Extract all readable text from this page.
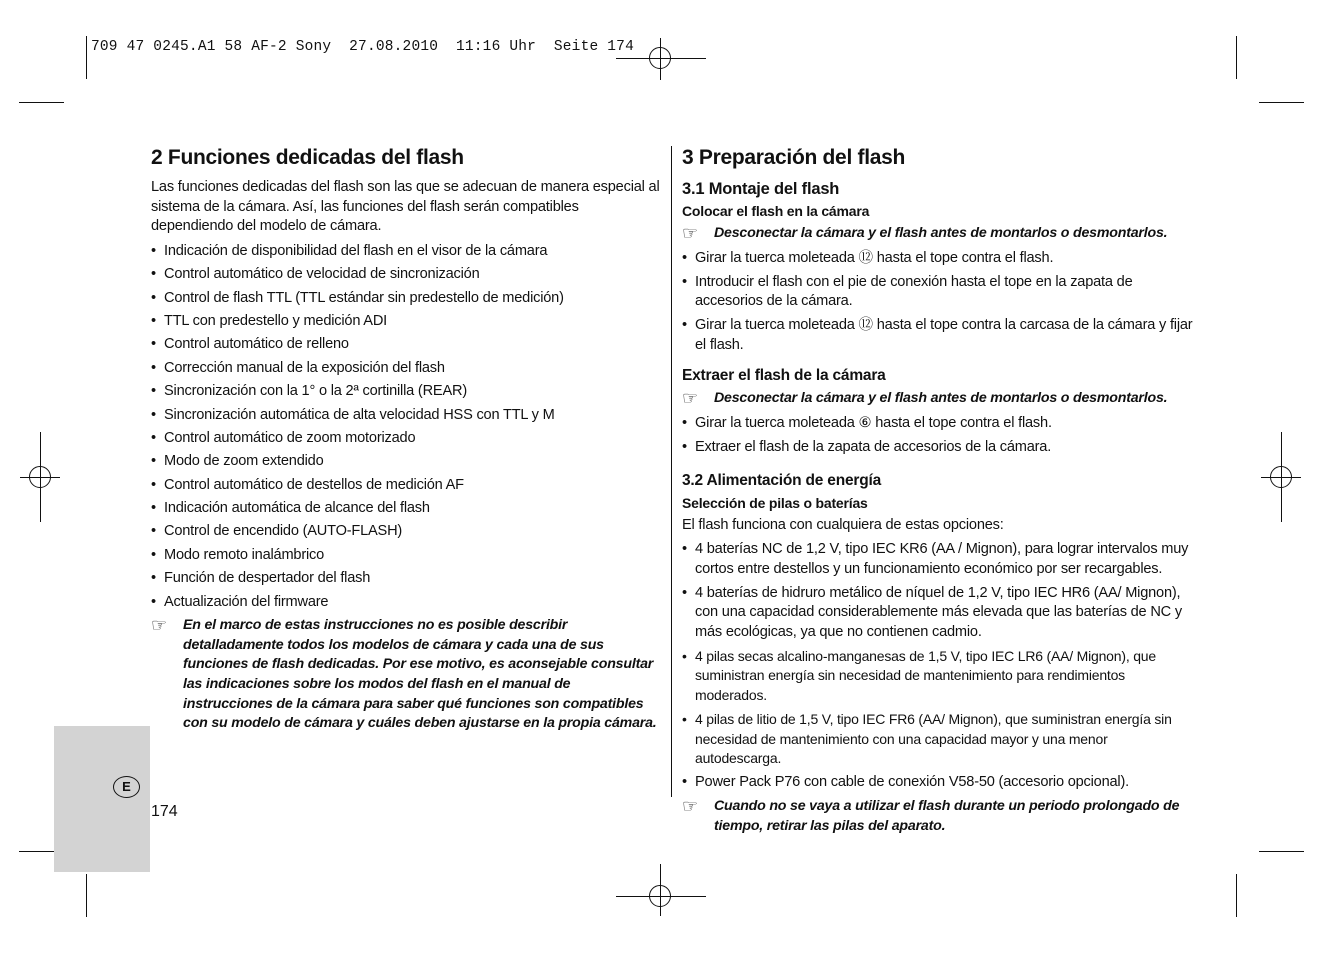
709 47 0245.A1 58 AF-2 Sony  27.08.2010  11:16 Uhr  Seite 174
E
174
2 Funciones dedicadas del flash

Las funciones dedicadas del flash son las que se adecuan de manera especial al sistema de la cámara. Así, las funciones del flash serán compatibles dependiendo del modelo de cámara.

• Indicación de disponibilidad del flash en el visor de la cámara
• Control automático de velocidad de sincronización
• Control de flash TTL (TTL estándar sin predestello de medición)
• TTL con predestello y medición ADI
• Control automático de relleno
• Corrección manual de la exposición del flash
• Sincronización con la 1° o la 2ª cortinilla (REAR)
• Sincronización automática de alta velocidad HSS con TTL y M
• Control automático de zoom motorizado
• Modo de zoom extendido
• Control automático de destellos de medición AF
• Indicación automática de alcance del flash
• Control de encendido (AUTO-FLASH)
• Modo remoto inalámbrico
• Función de despertador del flash
• Actualización del firmware
☞ En el marco de estas instrucciones no es posible describir detalladamente todos los modelos de cámara y cada una de sus funciones de flash dedicadas. Por ese motivo, es aconsejable consultar las indicaciones sobre los modos del flash en el manual de instrucciones de la cámara para saber qué funciones son compatibles con su modelo de cámara y cuáles deben ajustarse en la propia cámara.
3 Preparación del flash
3.1 Montaje del flash
Colocar el flash en la cámara
☞ Desconectar la cámara y el flash antes de montarlos o desmontarlos.
• Girar la tuerca moleteada ⑫ hasta el tope contra el flash.
• Introducir el flash con el pie de conexión hasta el tope en la zapata de accesorios de la cámara.
• Girar la tuerca moleteada ⑫ hasta el tope contra la carcasa de la cámara y fijar el flash.
Extraer el flash de la cámara
☞ Desconectar la cámara y el flash antes de montarlos o desmontarlos.
• Girar la tuerca moleteada ⑥ hasta el tope contra el flash.
• Extraer el flash de la zapata de accesorios de la cámara.
3.2 Alimentación de energía
Selección de pilas o baterías

El flash funciona con cualquiera de estas opciones:

• 4 baterías NC de 1,2 V, tipo IEC KR6 (AA / Mignon), para lograr intervalos muy cortos entre destellos y un funcionamiento económico por ser recargables.
• 4 baterías de hidruro metálico de níquel de 1,2 V, tipo IEC HR6 (AA/ Mignon), con una capacidad considerablemente más elevada que las baterías de NC y más ecológicas, ya que no contienen cadmio.
• 4 pilas secas alcalino-manganesas de 1,5 V, tipo IEC LR6 (AA/ Mignon), que suministran energía sin necesidad de mantenimiento para rendimientos moderados.
• 4 pilas de litio de 1,5 V, tipo IEC FR6 (AA/ Mignon), que suministran energía sin necesidad de mantenimiento con una capacidad mayor y una menor autodescarga.
• Power Pack P76 con cable de conexión V58-50 (accesorio opcional).
☞ Cuando no se vaya a utilizar el flash durante un periodo prolongado de tiempo, retirar las pilas del aparato.
